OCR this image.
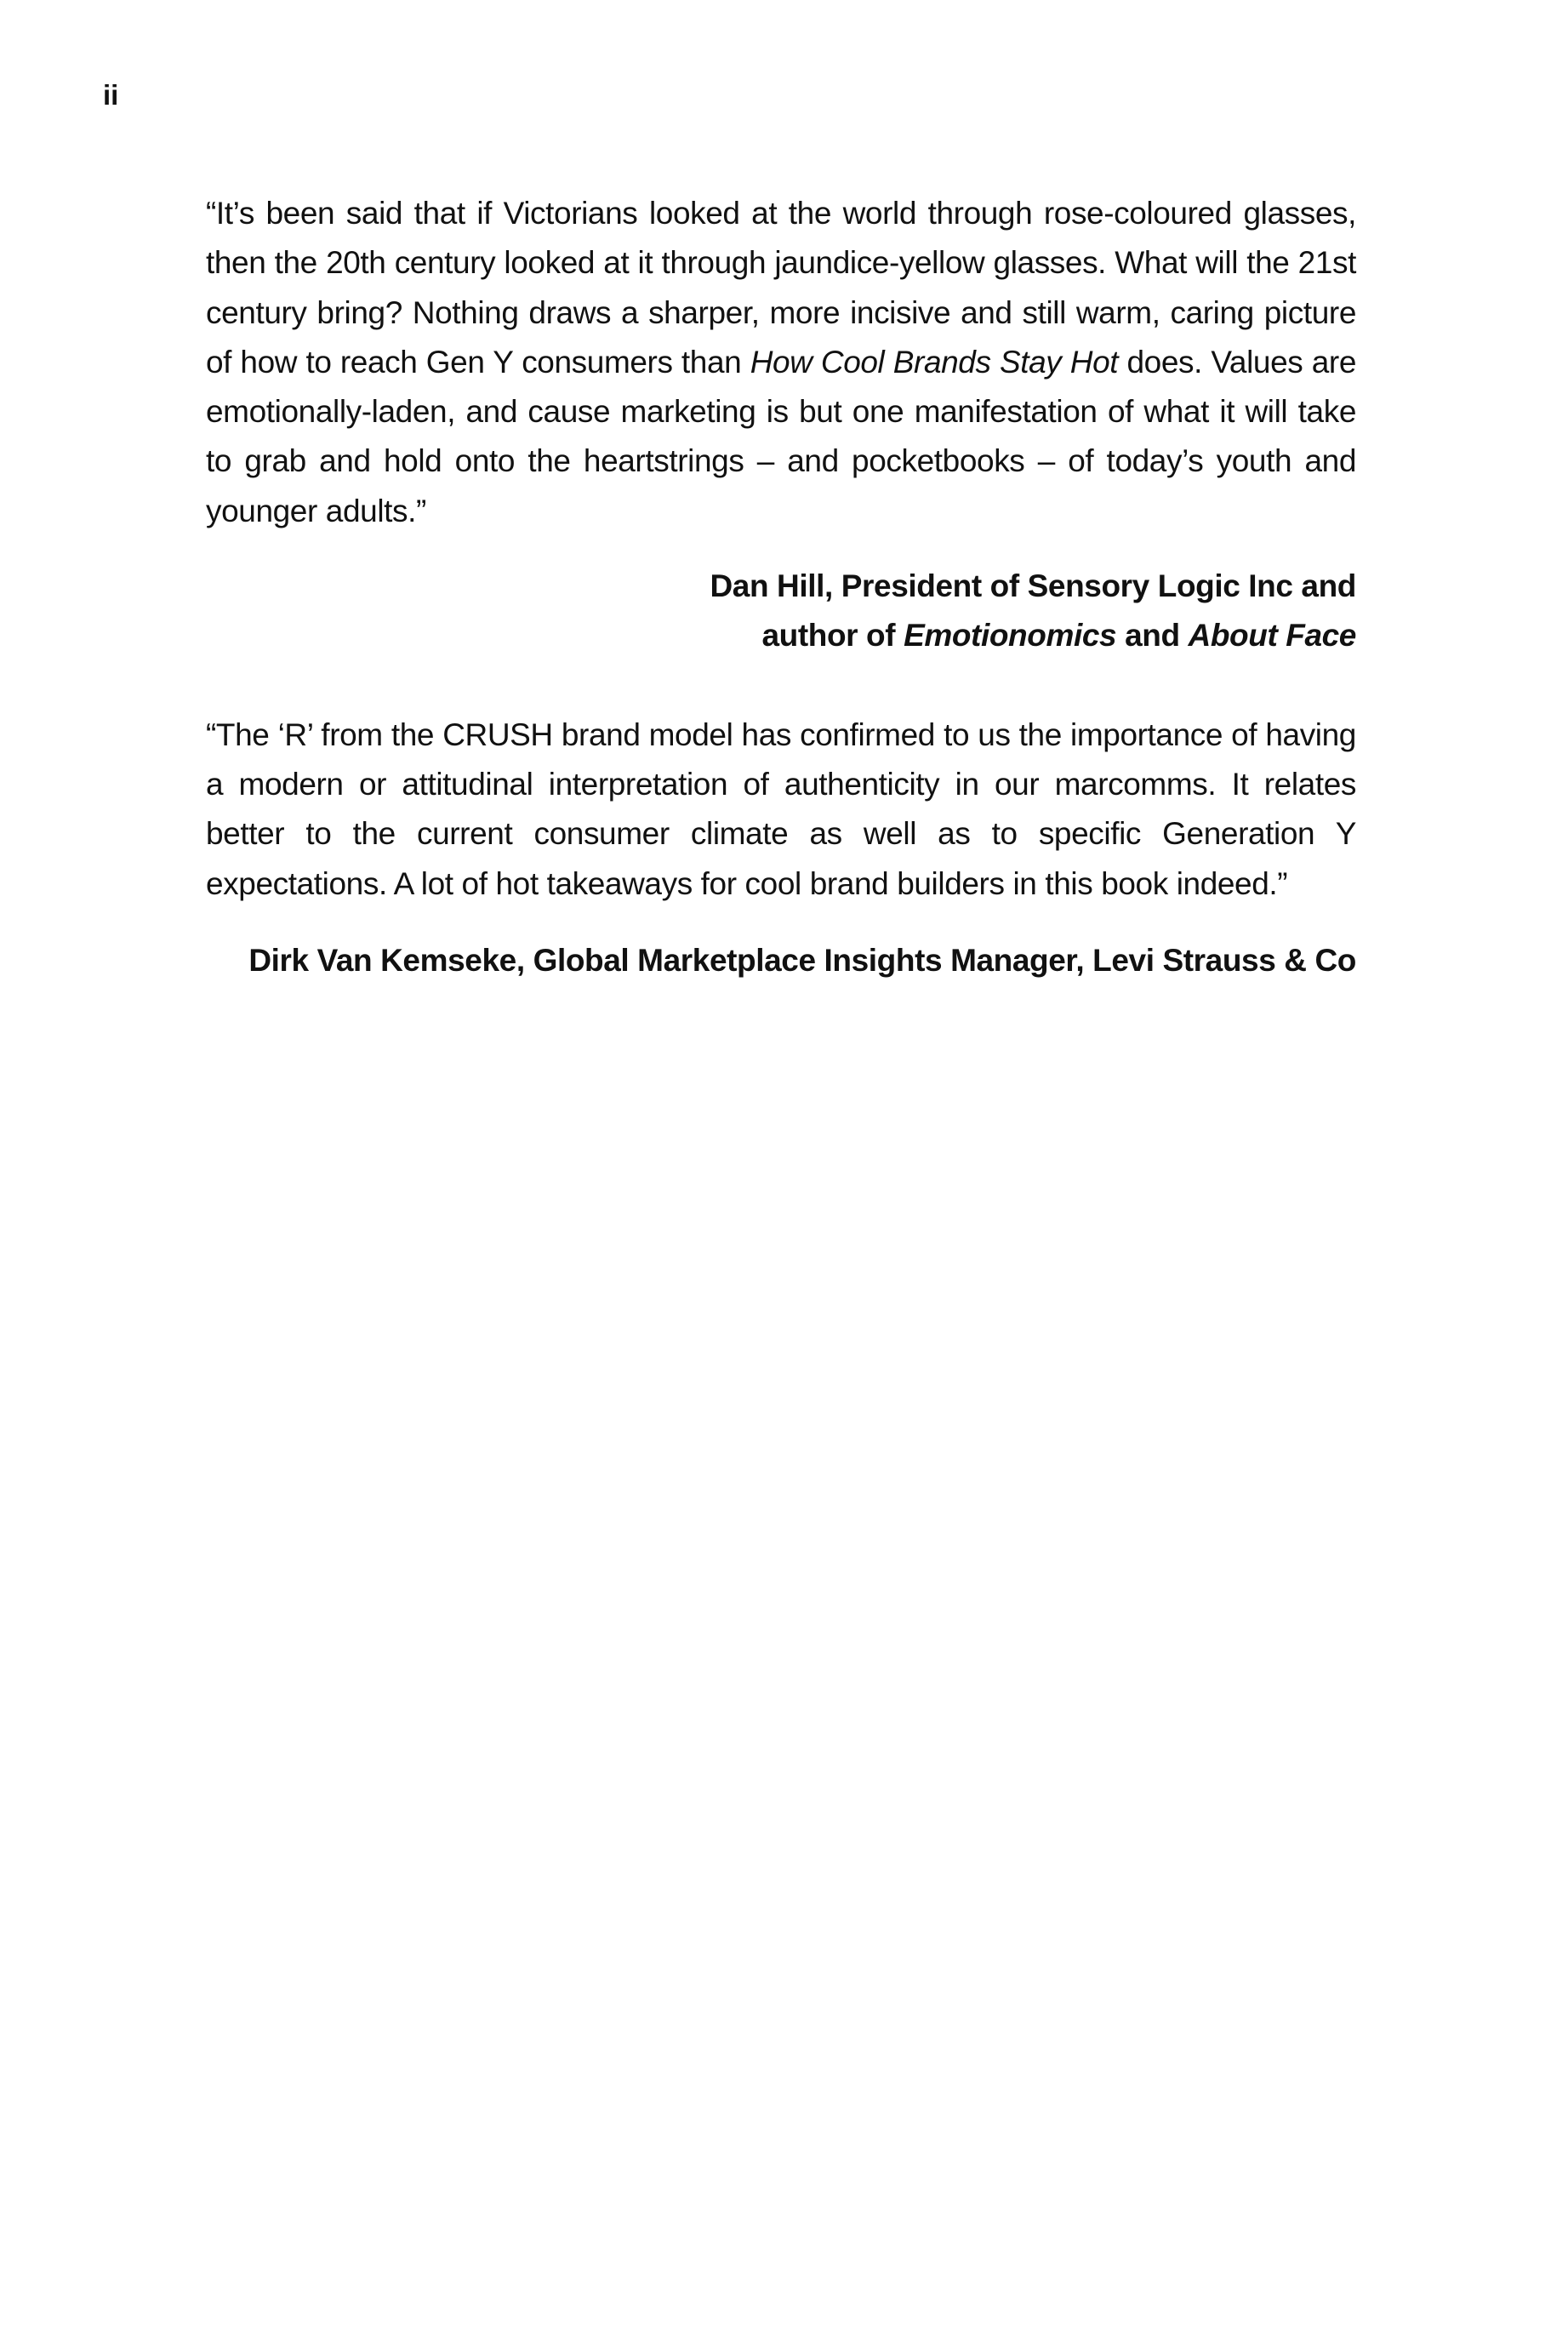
ii

“It’s been said that if Victorians looked at the world through rose-coloured glasses, then the 20th century looked at it through jaundice-yellow glasses. What will the 21st century bring? Nothing draws a sharper, more incisive and still warm, caring picture of how to reach Gen Y consumers than How Cool Brands Stay Hot does. Values are emotionally-laden, and cause marketing is but one manifestation of what it will take to grab and hold onto the heartstrings – and pocketbooks – of today’s youth and younger adults.”

Dan Hill, President of Sensory Logic Inc and
author of Emotionomics and About Face

“The ‘R’ from the CRUSH brand model has confirmed to us the importance of having a modern or attitudinal interpretation of authenticity in our marcomms. It relates better to the current consumer climate as well as to specific Generation Y expectations. A lot of hot takeaways for cool brand builders in this book indeed.”

Dirk Van Kemseke, Global Marketplace Insights Manager, Levi Strauss & Co
